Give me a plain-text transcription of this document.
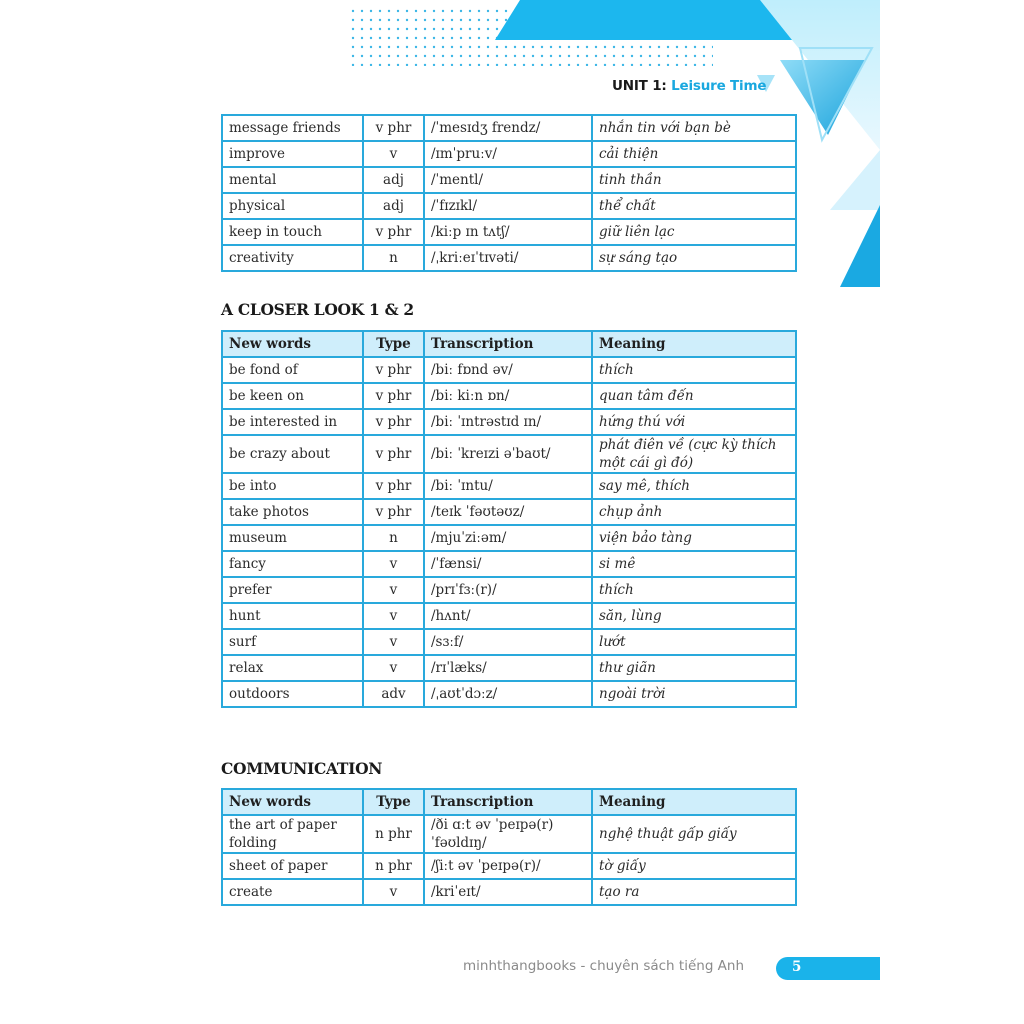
UNIT 1: Leisure Time
message friends	v phr	/ˈmesɪdʒ frendz/	nhắn tin với bạn bè
improve	v	/ɪmˈpruːv/	cải thiện
mental	adj	/ˈmentl/	tinh thần
physical	adj	/ˈfɪzɪkl/	thể chất
keep in touch	v phr	/kiːp ɪn tʌtʃ/	giữ liên lạc
creativity	n	/ˌkriːeɪˈtɪvəti/	sự sáng tạo
A CLOSER LOOK 1 & 2
New words	Type	Transcription	Meaning
be fond of	v phr	/biː fɒnd əv/	thích
be keen on	v phr	/biː kiːn ɒn/	quan tâm đến
be interested in	v phr	/biː ˈɪntrəstɪd ɪn/	hứng thú với
be crazy about	v phr	/biː ˈkreɪzi əˈbaʊt/	phát điên về (cực kỳ thích một cái gì đó)
be into	v phr	/biː ˈɪntu/	say mê, thích
take photos	v phr	/teɪk ˈfəʊtəʊz/	chụp ảnh
museum	n	/mjuˈziːəm/	viện bảo tàng
fancy	v	/ˈfænsi/	si mê
prefer	v	/prɪˈfɜː(r)/	thích
hunt	v	/hʌnt/	săn, lùng
surf	v	/sɜːf/	lướt
relax	v	/rɪˈlæks/	thư giãn
outdoors	adv	/ˌaʊtˈdɔːz/	ngoài trời
COMMUNICATION
New words	Type	Transcription	Meaning
the art of paper folding	n phr	/ði ɑːt əv ˈpeɪpə(r) ˈfəʊldɪŋ/	nghệ thuật gấp giấy
sheet of paper	n phr	/ʃiːt əv ˈpeɪpə(r)/	tờ giấy
create	v	/kriˈeɪt/	tạo ra
minhthangbooks - chuyên sách tiếng Anh	5
